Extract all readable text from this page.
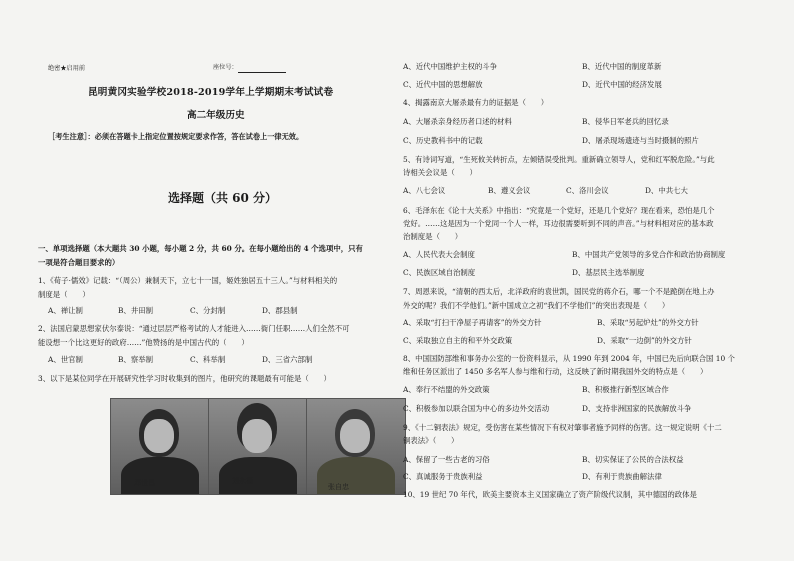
绝密★启用前	座位号：
昆明黄冈实验学校2018-2019学年上学期期末考试试卷
高二年级历史
［考生注意］：必须在答题卡上指定位置按规定要求作答，答在试卷上一律无效。
选择题（共 60 分）
一、单项选择题（本大题共 30 小题，每小题 2 分，共 60 分。在每小题给出的 4 个选项中，只有
一项是符合题目要求的）
1、《荀子·儒效》记载：“（周公）兼制天下，立七十一国，姬姓独居五十三人。”与材料相关的
制度是（　　）
A、禅让制	B、井田制	C、分封制	D、郡县制
2、法国启蒙思想家伏尔泰说：“通过层层严格考试的人才能进入……衙门任职……人们全然不可
能设想一个比这更好的政府……”他赞扬的是中国古代的（　　）
A、世官制	B、察举制	C、科举制	D、三省六部制
3、以下是某位同学在开展研究性学习时收集到的图片，他研究的课题最有可能是（　　）
邓世昌	刘永福
张自忠
A、近代中国维护主权的斗争	B、近代中国的制度革新
C、近代中国的思想解放	D、近代中国的经济发展
4、揭露南京大屠杀最有力的证据是（　　）
A、大屠杀亲身经历者口述的材料	B、侵华日军老兵的回忆录
C、历史教科书中的记载	D、屠杀现场遗迹与当时摄制的照片
5、有诗词写道，“生死攸关转折点，左倾错误受批判。重新确立领导人，党和红军脱危险。”与此
诗相关会议是（　　）
A、八七会议	B、遵义会议	C、洛川会议	D、中共七大
6、毛泽东在《论十大关系》中指出：“究竟是一个党好，还是几个党好？现在看来，恐怕是几个
党好。……这是因为一个党同一个人一样，耳边很需要听到不同的声音。”与材料相对应的基本政
治制度是（　　）
A、人民代表大会制度	B、中国共产党领导的多党合作和政治协商制度
C、民族区域自治制度	D、基层民主选举制度
7、周恩来说，“清朝的西太后，北洋政府的袁世凯，国民党的蒋介石，哪一个不是跪倒在地上办
外交的呢？我们不学他们。”新中国成立之初“我们不学他们”的突出表现是（　　）
A、采取“打扫干净屋子再请客”的外交方针	B、采取“另起炉灶”的外交方针
C、采取独立自主的和平外交政策	D、采取“一边倒”的外交方针
8、中国国防部维和事务办公室的一份资料显示，从 1990 年到 2004 年，中国已先后向联合国 10 个
维和任务区派出了 1450 多名军人参与维和行动，这反映了新时期我国外交的特点是（　　）
A、奉行不结盟的外交政策	B、积极推行新型区域合作
C、积极参加以联合国为中心的多边外交活动	D、支持非洲国家的民族解放斗争
9、《十二铜表法》规定，受伤害在某些情况下有权对肇事者施予同样的伤害。这一规定说明《十二
铜表法》（　　）
A、保留了一些古老的习俗	B、切实保证了公民的合法权益
C、真诚服务于贵族利益	D、有利于贵族曲解法律
10、19 世纪 70 年代，欧美主要资本主义国家确立了资产阶级代议制，其中德国的政体是
